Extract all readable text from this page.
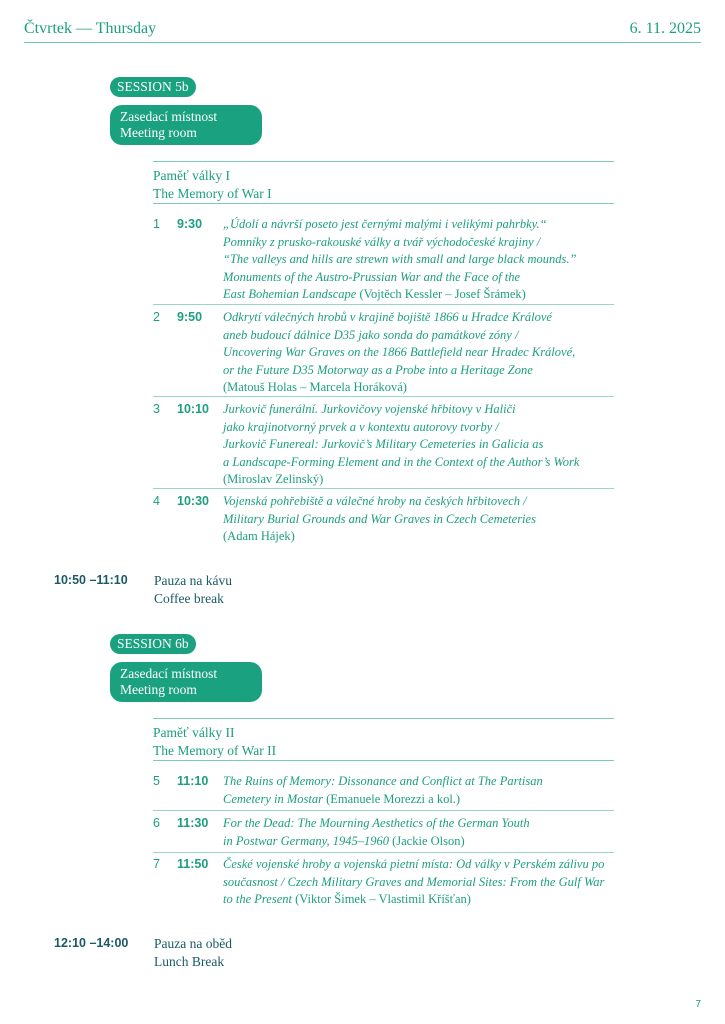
Čtvrtek — Thursday	6. 11. 2025
SESSION 5b
Zasedací místnost
Meeting room
Paměť války I
The Memory of War I
1 9:30 „Údolí a návrší poseto jest černými malými i velikými pahrbky.“
Pomníky z prusko-rakouské války a tvář východočeské krajiny /
“The valleys and hills are strewn with small and large black mounds.”
Monuments of the Austro-Prussian War and the Face of the
East Bohemian Landscape (Vojtěch Kessler – Josef Šrámek)
2 9:50 Odkrytí válečných hrobů v krajině bojiště 1866 u Hradce Králové
aneb budoucí dálnice D35 jako sonda do památkové zóny /
Uncovering War Graves on the 1866 Battlefield near Hradec Králové,
or the Future D35 Motorway as a Probe into a Heritage Zone
(Matouš Holas – Marcela Horáková)
3 10:10 Jurkovič funerální. Jurkovičovy vojenské hřbitovy v Haliči
jako krajinotvorný prvek a v kontextu autorovy tvorby /
Jurkovič Funereal: Jurkovič’s Military Cemeteries in Galicia as
a Landscape-Forming Element and in the Context of the Author’s Work
(Miroslav Zelinský)
4 10:30 Vojenská pohřebiště a válečné hroby na českých hřbitovech /
Military Burial Grounds and War Graves in Czech Cemeteries
(Adam Hájek)
10:50 –11:10 Pauza na kávu
Coffee break
SESSION 6b
Zasedací místnost
Meeting room
Paměť války II
The Memory of War II
5 11:10 The Ruins of Memory: Dissonance and Conflict at The Partisan
Cemetery in Mostar (Emanuele Morezzi a kol.)
6 11:30 For the Dead: The Mourning Aesthetics of the German Youth
in Postwar Germany, 1945–1960 (Jackie Olson)
7 11:50 České vojenské hroby a vojenská pietní místa: Od války v Perském zálivu po
současnost / Czech Military Graves and Memorial Sites: From the Gulf War
to the Present (Viktor Šimek – Vlastimil Kříšťan)
12:10 –14:00 Pauza na oběd
Lunch Break
7
